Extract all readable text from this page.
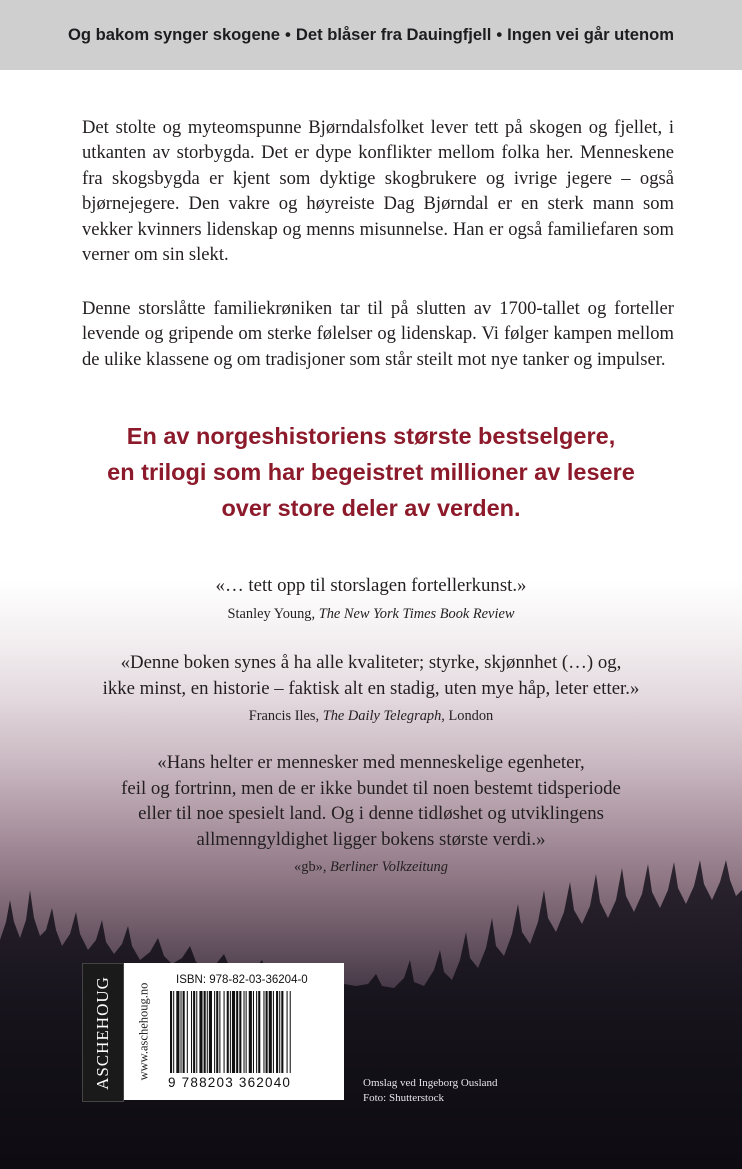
Og bakom synger skogene • Det blåser fra Dauingfjell • Ingen vei går utenom

Det stolte og myteomspunne Bjørndalsfolket lever tett på skogen og fjellet, i utkanten av storbygda. Det er dype konflikter mellom folka her. Menneskene fra skogsbygda er kjent som dyktige skogbrukere og ivrige jegere – også bjørnejegere. Den vakre og høyreiste Dag Bjørndal er en sterk mann som vekker kvinners lidenskap og menns misunnelse. Han er også familiefaren som verner om sin slekt.

Denne storslåtte familiekrøniken tar til på slutten av 1700-tallet og forteller levende og gripende om sterke følelser og lidenskap. Vi følger kampen mellom de ulike klassene og om tradisjoner som står steilt mot nye tanker og impulser.

En av norgeshistoriens største bestselgere,
en trilogi som har begeistret millioner av lesere
over store deler av verden.
«… tett opp til storslagen fortellerkunst.»
Stanley Young, The New York Times Book Review
«Denne boken synes å ha alle kvaliteter; styrke, skjønnhet (…) og,
ikke minst, en historie – faktisk alt en stadig, uten mye håp, leter etter.»
Francis Iles, The Daily Telegraph, London
«Hans helter er mennesker med menneskelige egenheter,
feil og fortrinn, men de er ikke bundet til noen bestemt tidsperiode
eller til noe spesielt land. Og i denne tidløshet og utviklingens
allmenngyldighet ligger bokens største verdi.»
«gb», Berliner Volkzeitung
ASCHEHOUG www.aschehoug.no
ISBN: 978-82-03-36204-0
9 788203 362040	Omslag ved Ingeborg Ousland
Foto: Shutterstock
